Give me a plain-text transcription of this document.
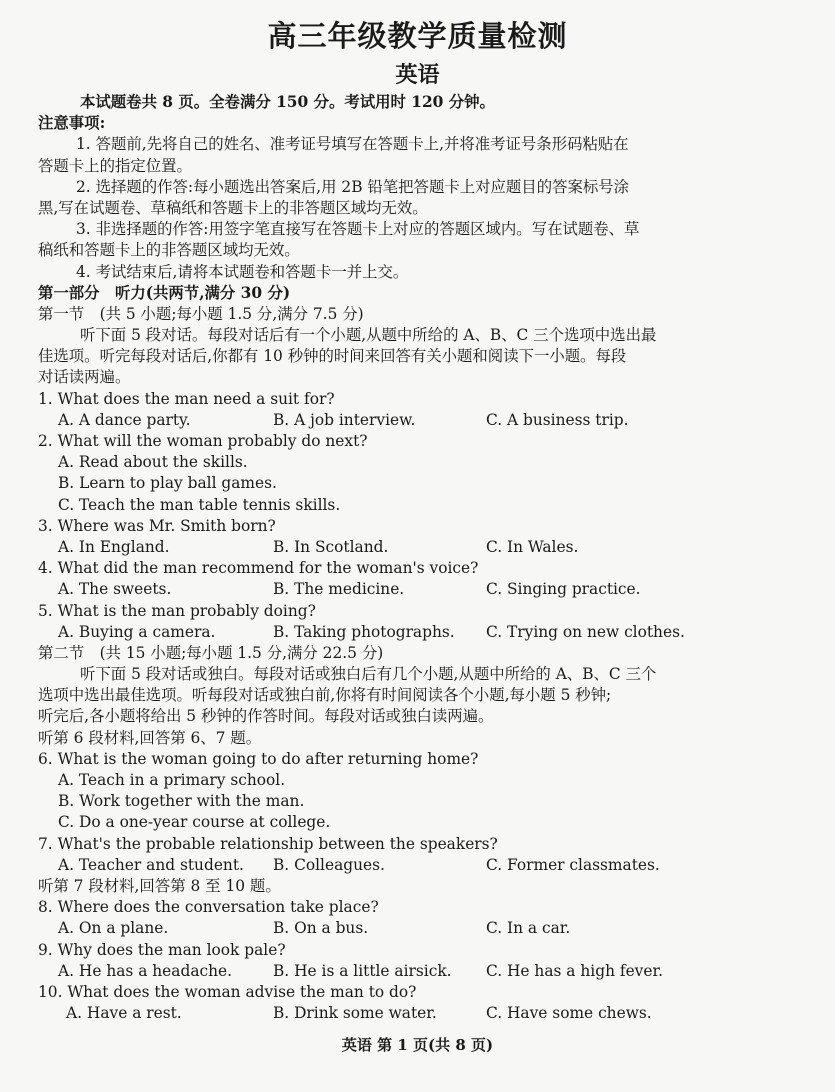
高三年级教学质量检测
英语
本试题卷共 8 页。全卷满分 150 分。考试用时 120 分钟。
注意事项:
1. 答题前,先将自己的姓名、准考证号填写在答题卡上,并将准考证号条形码粘贴在
答题卡上的指定位置。
2. 选择题的作答:每小题选出答案后,用 2B 铅笔把答题卡上对应题目的答案标号涂
黑,写在试题卷、草稿纸和答题卡上的非答题区域均无效。
3. 非选择题的作答:用签字笔直接写在答题卡上对应的答题区域内。写在试题卷、草
稿纸和答题卡上的非答题区域均无效。
4. 考试结束后,请将本试题卷和答题卡一并上交。
第一部分　听力(共两节,满分 30 分)
第一节　(共 5 小题;每小题 1.5 分,满分 7.5 分)
听下面 5 段对话。每段对话后有一个小题,从题中所给的 A、B、C 三个选项中选出最
佳选项。听完每段对话后,你都有 10 秒钟的时间来回答有关小题和阅读下一小题。每段
对话读两遍。
1. What does the man need a suit for?
A. A dance party.	B. A job interview.	C. A business trip.
2. What will the woman probably do next?
A. Read about the skills.
B. Learn to play ball games.
C. Teach the man table tennis skills.
3. Where was Mr. Smith born?
A. In England.	B. In Scotland.	C. In Wales.
4. What did the man recommend for the woman's voice?
A. The sweets.	B. The medicine.	C. Singing practice.
5. What is the man probably doing?
A. Buying a camera.	B. Taking photographs. C. Trying on new clothes.
第二节　(共 15 小题;每小题 1.5 分,满分 22.5 分)
听下面 5 段对话或独白。每段对话或独白后有几个小题,从题中所给的 A、B、C 三个
选项中选出最佳选项。听每段对话或独白前,你将有时间阅读各个小题,每小题 5 秒钟;
听完后,各小题将给出 5 秒钟的作答时间。每段对话或独白读两遍。
听第 6 段材料,回答第 6、7 题。
6. What is the woman going to do after returning home?
A. Teach in a primary school.
B. Work together with the man.
C. Do a one-year course at college.
7. What's the probable relationship between the speakers?
A. Teacher and student. B. Colleagues.	C. Former classmates.
听第 7 段材料,回答第 8 至 10 题。
8. Where does the conversation take place?
A. On a plane.	B. On a bus.	C. In a car.
9. Why does the man look pale?
A. He has a headache.	B. He is a little airsick. C. He has a high fever.
10. What does the woman advise the man to do?
A. Have a rest.	B. Drink some water.	C. Have some chews.
英语 第 1 页(共 8 页)
